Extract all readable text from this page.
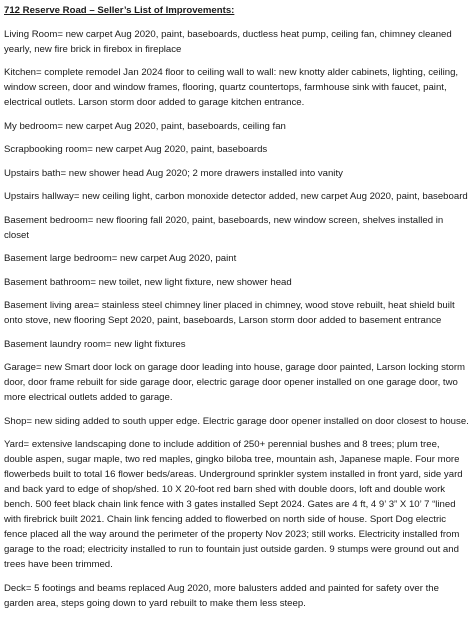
712 Reserve Road – Seller’s List of Improvements:

Living Room= new carpet Aug 2020, paint, baseboards, ductless heat pump, ceiling fan, chimney cleaned yearly, new fire brick in firebox in fireplace

Kitchen= complete remodel Jan 2024 floor to ceiling wall to wall: new knotty alder cabinets, lighting, ceiling, window screen, door and window frames, flooring, quartz countertops, farmhouse sink with faucet, paint, electrical outlets. Larson storm door added to garage kitchen entrance.

My bedroom= new carpet Aug 2020, paint, baseboards, ceiling fan

Scrapbooking room= new carpet Aug 2020, paint, baseboards

Upstairs bath= new shower head Aug 2020; 2 more drawers installed into vanity

Upstairs hallway= new ceiling light, carbon monoxide detector added, new carpet Aug 2020, paint, baseboard

Basement bedroom= new flooring fall 2020, paint, baseboards, new window screen, shelves installed in closet

Basement large bedroom= new carpet Aug 2020, paint

Basement bathroom= new toilet, new light fixture, new shower head

Basement living area= stainless steel chimney liner placed in chimney, wood stove rebuilt, heat shield built onto stove, new flooring Sept 2020, paint, baseboards, Larson storm door added to basement entrance

Basement laundry room= new light fixtures

Garage= new Smart door lock on garage door leading into house, garage door painted, Larson locking storm door, door frame rebuilt for side garage door, electric garage door opener installed on one garage door, two more electrical outlets added to garage.

Shop= new siding added to south upper edge. Electric garage door opener installed on door closest to house.

Yard= extensive landscaping done to include addition of 250+ perennial bushes and 8 trees; plum tree, double aspen, sugar maple, two red maples, gingko biloba tree, mountain ash, Japanese maple. Four more flowerbeds built to total 16 flower beds/areas. Underground sprinkler system installed in front yard, side yard and back yard to edge of shop/shed. 10 X 20-foot red barn shed with double doors, loft and double work bench. 500 feet black chain link fence with 3 gates installed Sept 2024. Gates are 4 ft, 4 9’ 3” X 10’ 7 “lined with firebrick built 2021. Chain link fencing added to flowerbed on north side of house. Sport Dog electric fence placed all the way around the perimeter of the property Nov 2023; still works. Electricity installed from garage to the road; electricity installed to run to fountain just outside garden. 9 stumps were ground out and trees have been trimmed.

Deck= 5 footings and beams replaced Aug 2020, more balusters added and painted for safety over the garden area, steps going down to yard rebuilt to make them less steep.
